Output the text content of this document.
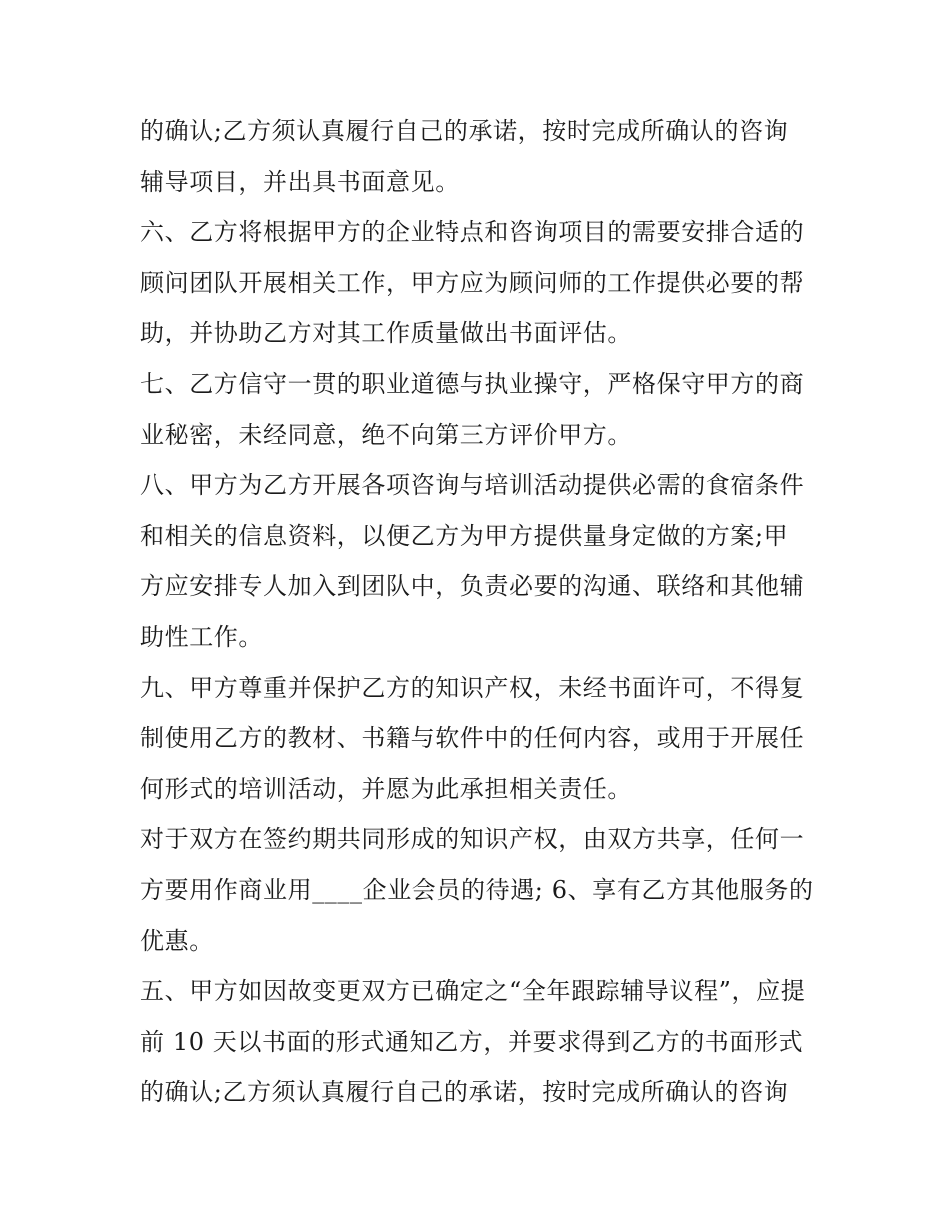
的确认;乙方须认真履行自己的承诺，按时完成所确认的咨询
辅导项目，并出具书面意见。
六、乙方将根据甲方的企业特点和咨询项目的需要安排合适的
顾问团队开展相关工作，甲方应为顾问师的工作提供必要的帮
助，并协助乙方对其工作质量做出书面评估。
七、乙方信守一贯的职业道德与执业操守，严格保守甲方的商
业秘密，未经同意，绝不向第三方评价甲方。
八、甲方为乙方开展各项咨询与培训活动提供必需的食宿条件
和相关的信息资料，以便乙方为甲方提供量身定做的方案;甲
方应安排专人加入到团队中，负责必要的沟通、联络和其他辅
助性工作。
九、甲方尊重并保护乙方的知识产权，未经书面许可，不得复
制使用乙方的教材、书籍与软件中的任何内容，或用于开展任
何形式的培训活动，并愿为此承担相关责任。
对于双方在签约期共同形成的知识产权，由双方共享，任何一
方要用作商业用____企业会员的待遇; 6、享有乙方其他服务的
优惠。
五、甲方如因故变更双方已确定之“全年跟踪辅导议程”，应提
前 10 天以书面的形式通知乙方，并要求得到乙方的书面形式
的确认;乙方须认真履行自己的承诺，按时完成所确认的咨询
